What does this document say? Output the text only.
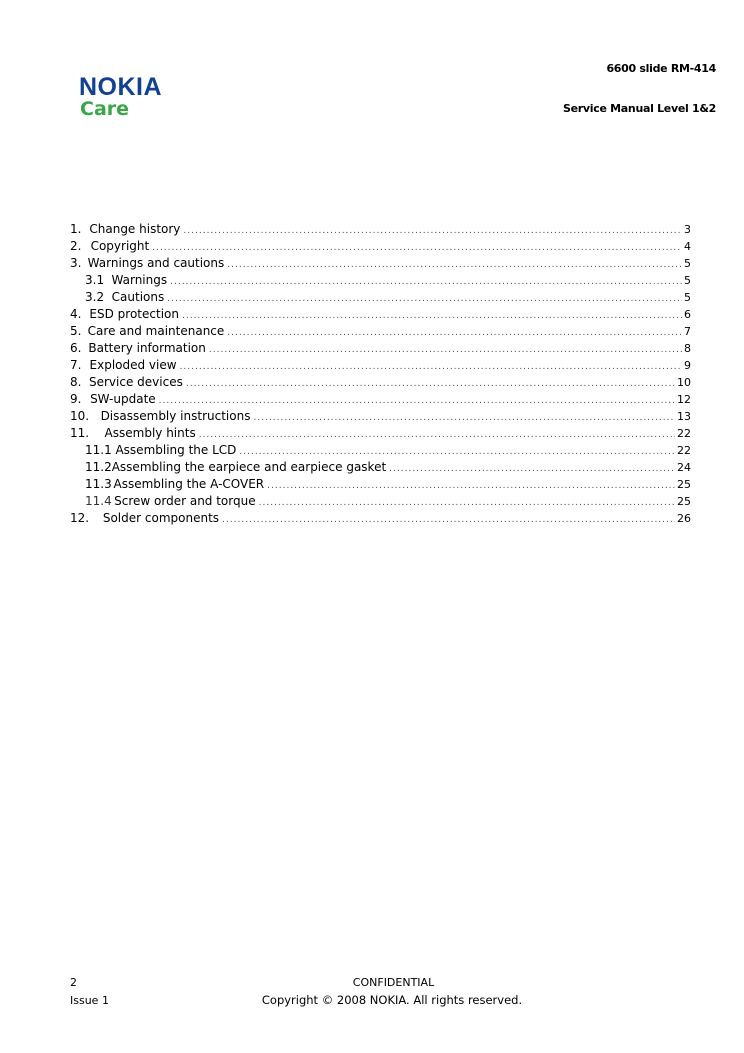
NOKIA
Care
6600 slide RM-414
Service Manual Level 1&2
1. Change history .....	3
2. Copyright .....	4
3. Warnings and cautions .....	5
3.1 Warnings .....	5
3.2 Cautions .....	5
4. ESD protection .....	6
5. Care and maintenance .....	7
6. Battery information .....	8
7. Exploded view .....	9
8. Service devices .....	10
9. SW-update .....	12
10. Disassembly instructions .....	13
11.	Assembly hints .....	22
11.1 Assembling the LCD .....	22
11.2 Assembling the earpiece and earpiece gasket .....	24
11.3 Assembling the A-COVER .....	25
11.4 Screw order and torque .....	25
12.	Solder components .....	26
2
Issue 1
CONFIDENTIAL
Copyright © 2008 NOKIA. All rights reserved.
